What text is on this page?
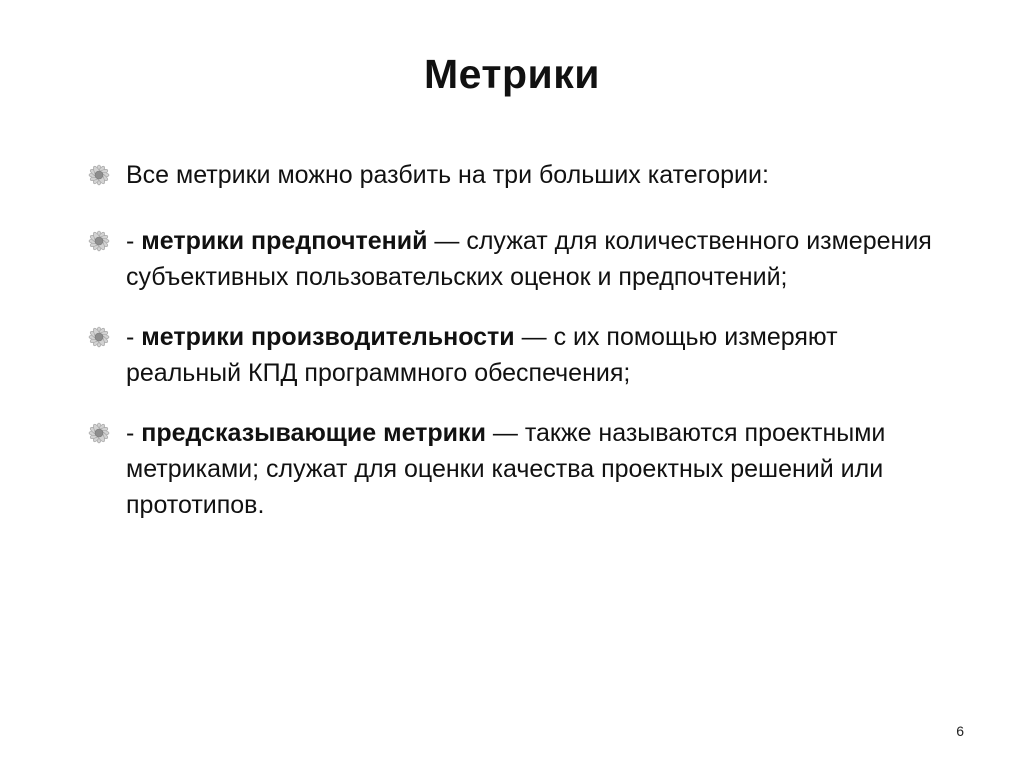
Метрики
Все метрики можно разбить на три больших категории:
- метрики предпочтений — служат для количественного измерения субъективных пользовательских оценок и предпочтений;
- метрики производительности — с их помощью измеряют реальный КПД программного обеспечения;
- предсказывающие метрики — также называются проектными метриками; служат для оценки качества проектных решений или прототипов.
6
